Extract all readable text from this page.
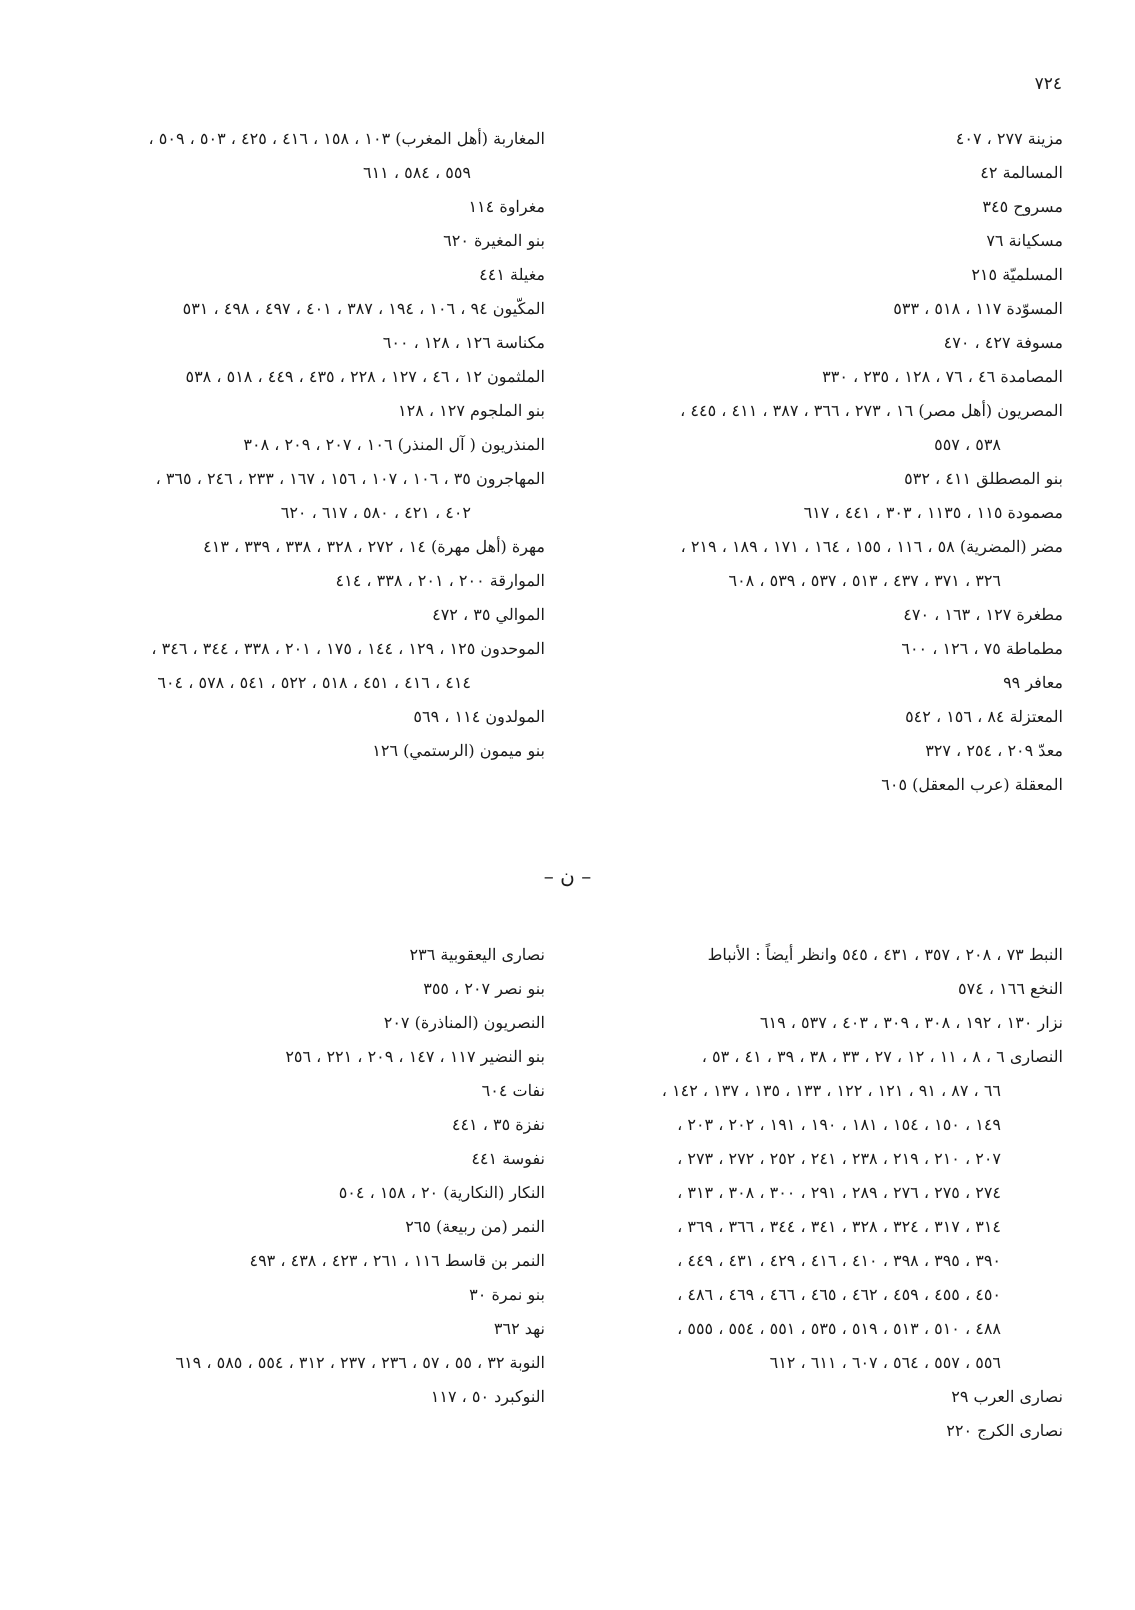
٧٢٤
مزينة ٢٧٧ ، ٤٠٧
المسالمة ٤٢
مسروح ٣٤٥
مسكيانة ٧٦
المسلميّة ٢١٥
المسوّدة ١١٧ ، ٥١٨ ، ٥٣٣
مسوفة ٤٢٧ ، ٤٧٠
المصامدة ٤٦ ، ٧٦ ، ١٢٨ ، ٢٣٥ ، ٣٣٠
المصريون (أهل مصر) ١٦ ، ٢٧٣ ، ٣٦٦ ، ٣٨٧ ، ٤١١ ، ٤٤٥ ،
٥٣٨ ، ٥٥٧
بنو المصطلق ٤١١ ، ٥٣٢
مصمودة ١١٥ ، ١١٣٥ ، ٣٠٣ ، ٤٤١ ، ٦١٧
مضر (المضرية) ٥٨ ، ١١٦ ، ١٥٥ ، ١٦٤ ، ١٧١ ، ١٨٩ ، ٢١٩ ،
٣٢٦ ، ٣٧١ ، ٤٣٧ ، ٥١٣ ، ٥٣٧ ، ٥٣٩ ، ٦٠٨
مطغرة ١٢٧ ، ١٦٣ ، ٤٧٠
مطماطة ٧٥ ، ١٢٦ ، ٦٠٠
معافر ٩٩
المعتزلة ٨٤ ، ١٥٦ ، ٥٤٢
معدّ ٢٠٩ ، ٢٥٤ ، ٣٢٧
المعقلة (عرب المعقل) ٦٠٥
المغاربة (أهل المغرب) ١٠٣ ، ١٥٨ ، ٤١٦ ، ٤٢٥ ، ٥٠٣ ، ٥٠٩ ،
٥٥٩ ، ٥٨٤ ، ٦١١
مغراوة ١١٤
بنو المغيرة ٦٢٠
مغيلة ٤٤١
المكّيون ٩٤ ، ١٠٦ ، ١٩٤ ، ٣٨٧ ، ٤٠١ ، ٤٩٧ ، ٤٩٨ ، ٥٣١
مكناسة ١٢٦ ، ١٢٨ ، ٦٠٠
الملثمون ١٢ ، ٤٦ ، ١٢٧ ، ٢٢٨ ، ٤٣٥ ، ٤٤٩ ، ٥١٨ ، ٥٣٨
بنو الملجوم ١٢٧ ، ١٢٨
المنذريون ( آل المنذر) ١٠٦ ، ٢٠٧ ، ٢٠٩ ، ٣٠٨
المهاجرون ٣٥ ، ١٠٦ ، ١٠٧ ، ١٥٦ ، ١٦٧ ، ٢٣٣ ، ٢٤٦ ، ٣٦٥ ،
٤٠٢ ، ٤٢١ ، ٥٨٠ ، ٦١٧ ، ٦٢٠
مهرة (أهل مهرة) ١٤ ، ٢٧٢ ، ٣٢٨ ، ٣٣٨ ، ٣٣٩ ، ٤١٣
الموارقة ٢٠٠ ، ٢٠١ ، ٣٣٨ ، ٤١٤
الموالي ٣٥ ، ٤٧٢
الموحدون ١٢٥ ، ١٢٩ ، ١٤٤ ، ١٧٥ ، ٢٠١ ، ٣٣٨ ، ٣٤٤ ، ٣٤٦ ،
٤١٤ ، ٤١٦ ، ٤٥١ ، ٥١٨ ، ٥٢٢ ، ٥٤١ ، ٥٧٨ ، ٦٠٤
المولدون ١١٤ ، ٥٦٩
بنو ميمون (الرستمي) ١٢٦
– ن –
النبط ٧٣ ، ٢٠٨ ، ٣٥٧ ، ٤٣١ ، ٥٤٥ وانظر أيضاً : الأنباط
النخع ١٦٦ ، ٥٧٤
نزار ١٣٠ ، ١٩٢ ، ٣٠٨ ، ٣٠٩ ، ٤٠٣ ، ٥٣٧ ، ٦١٩
النصارى ٦ ، ٨ ، ١١ ، ١٢ ، ٢٧ ، ٣٣ ، ٣٨ ، ٣٩ ، ٤١ ، ٥٣ ،
٦٦ ، ٨٧ ، ٩١ ، ١٢١ ، ١٢٢ ، ١٣٣ ، ١٣٥ ، ١٣٧ ، ١٤٢ ،
١٤٩ ، ١٥٠ ، ١٥٤ ، ١٨١ ، ١٩٠ ، ١٩١ ، ٢٠٢ ، ٢٠٣ ،
٢٠٧ ، ٢١٠ ، ٢١٩ ، ٢٣٨ ، ٢٤١ ، ٢٥٢ ، ٢٧٢ ، ٢٧٣ ،
٢٧٤ ، ٢٧٥ ، ٢٧٦ ، ٢٨٩ ، ٢٩١ ، ٣٠٠ ، ٣٠٨ ، ٣١٣ ،
٣١٤ ، ٣١٧ ، ٣٢٤ ، ٣٢٨ ، ٣٤١ ، ٣٤٤ ، ٣٦٦ ، ٣٦٩ ،
٣٩٠ ، ٣٩٥ ، ٣٩٨ ، ٤١٠ ، ٤١٦ ، ٤٢٩ ، ٤٣١ ، ٤٤٩ ،
٤٥٠ ، ٤٥٥ ، ٤٥٩ ، ٤٦٢ ، ٤٦٥ ، ٤٦٦ ، ٤٦٩ ، ٤٨٦ ،
٤٨٨ ، ٥١٠ ، ٥١٣ ، ٥١٩ ، ٥٣٥ ، ٥٥١ ، ٥٥٤ ، ٥٥٥ ،
٥٥٦ ، ٥٥٧ ، ٥٦٤ ، ٦٠٧ ، ٦١١ ، ٦١٢
نصارى العرب ٢٩
نصارى الكرج ٢٢٠
نصارى اليعقوبية ٢٣٦
بنو نصر ٢٠٧ ، ٣٥٥
النصريون (المناذرة) ٢٠٧
بنو النضير ١١٧ ، ١٤٧ ، ٢٠٩ ، ٢٢١ ، ٢٥٦
نفات ٦٠٤
نفزة ٣٥ ، ٤٤١
نفوسة ٤٤١
النكار (النكارية) ٢٠ ، ١٥٨ ، ٥٠٤
النمر (من ربيعة) ٢٦٥
النمر بن قاسط ١١٦ ، ٢٦١ ، ٤٢٣ ، ٤٣٨ ، ٤٩٣
بنو نمرة ٣٠
نهد ٣٦٢
النوبة ٣٢ ، ٥٥ ، ٥٧ ، ٢٣٦ ، ٢٣٧ ، ٣١٢ ، ٥٥٤ ، ٥٨٥ ، ٦١٩
النوكبرد ٥٠ ، ١١٧
